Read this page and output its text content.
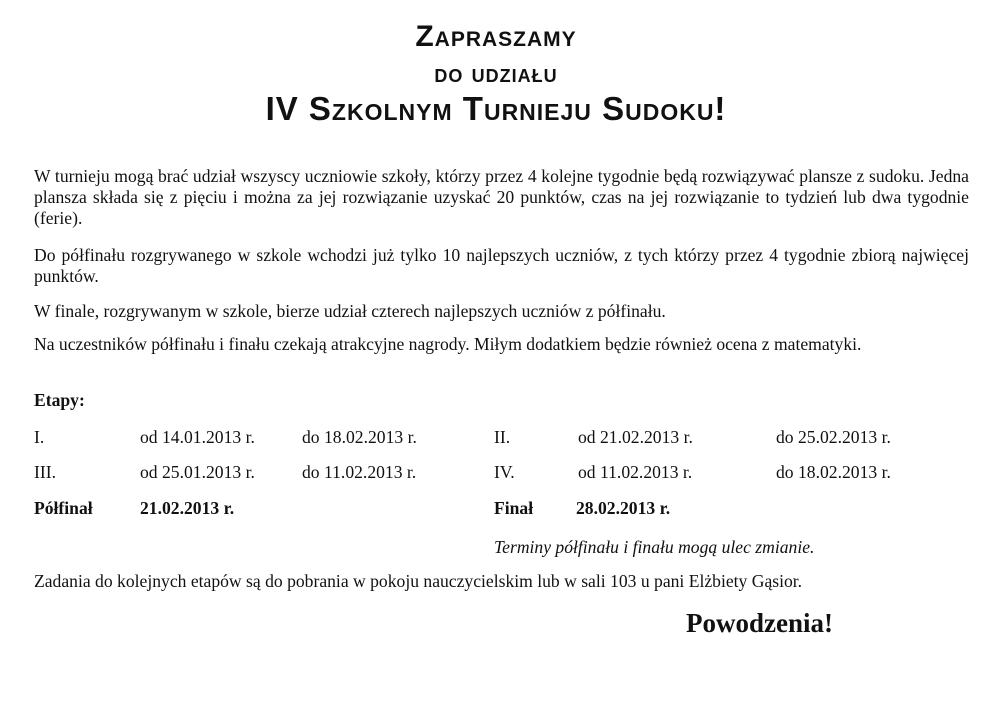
Zapraszamy
do udziału
IV Szkolnym Turnieju Sudoku!
W turnieju mogą brać udział wszyscy uczniowie szkoły, którzy przez 4 kolejne tygodnie będą rozwiązywać plansze z sudoku. Jedna plansza składa się z pięciu i można za jej rozwiązanie uzyskać 20 punktów, czas na jej rozwiązanie to tydzień lub dwa tygodnie (ferie).
Do półfinału rozgrywanego w szkole wchodzi już tylko 10 najlepszych uczniów, z tych którzy przez 4 tygodnie zbiorą najwięcej punktów.
W finale, rozgrywanym w szkole, bierze udział czterech najlepszych uczniów z półfinału.
Na uczestników półfinału i finału czekają atrakcyjne nagrody. Miłym dodatkiem będzie również ocena z matematyki.
Etapy:
I.	od 14.01.2013 r.	do 18.02.2013 r.	II.	od 21.02.2013 r.	do 25.02.2013 r.
III.	od 25.01.2013 r.	do 11.02.2013 r.	IV.	od 11.02.2013 r.	do 18.02.2013 r.
Półfinał	21.02.2013 r.	Finał 28.02.2013 r.
Terminy półfinału i finału mogą ulec zmianie.
Zadania do kolejnych etapów są do pobrania w pokoju nauczycielskim lub w sali 103 u pani Elżbiety Gąsior.
Powodzenia!
